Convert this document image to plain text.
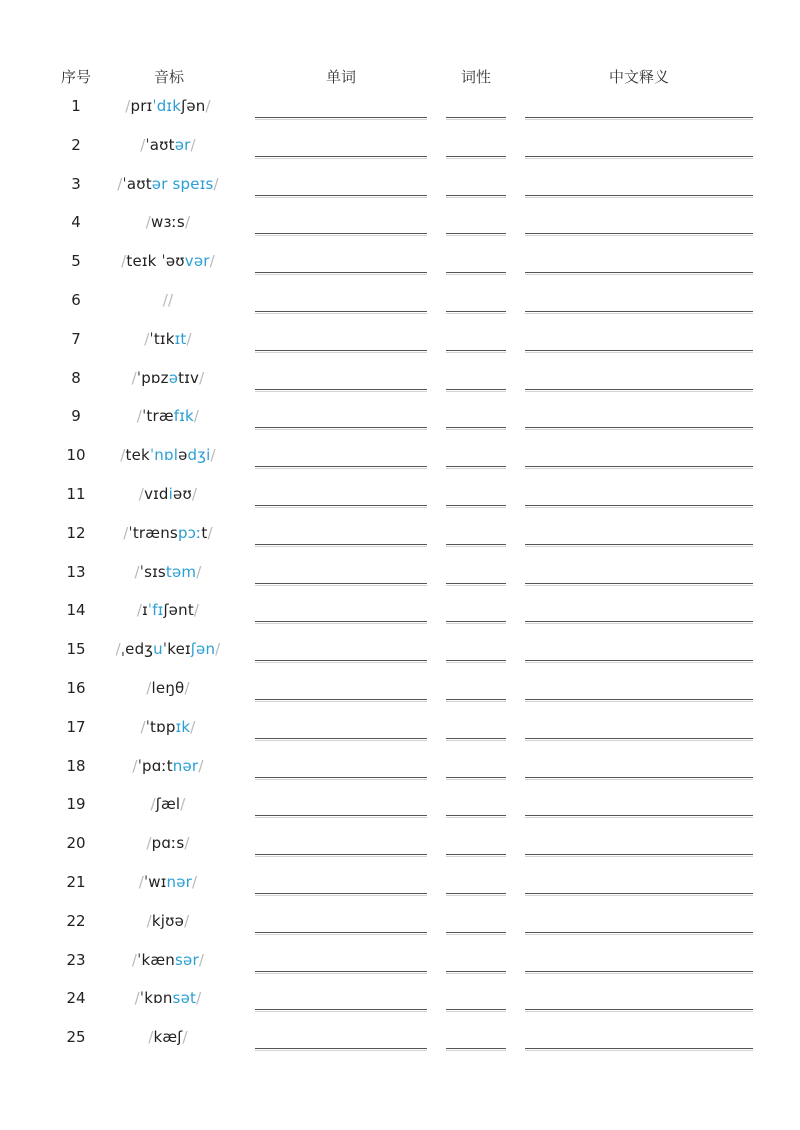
序号	音标	单词	词性	中文释义
1	/prɪˈdɪkʃən/
2	/ˈaʊtər/
3 /ˈaʊtər speɪs/
4	/wɜːs/
5	/teɪk ˈəʊvər/
6	//
7	/ˈtɪkɪt/
8	/ˈpɒzətɪv/
9	/ˈtræfɪk/
10 /tekˈnɒlədʒi/
11	/vɪdiəʊ/
12	/ˈtrænspɔːt/
13	/ˈsɪstəm/
14	/ɪˈfɪʃənt/
15 /ˌedʒuˈkeɪʃən/
16	/leŋθ/
17	/ˈtɒpɪk/
18	/ˈpɑːtnər/
19	/ʃæl/
20	/pɑːs/
21	/ˈwɪnər/
22	/kjʊə/
23	/ˈkænsər/
24	/ˈkɒnsət/
25	/kæʃ/
